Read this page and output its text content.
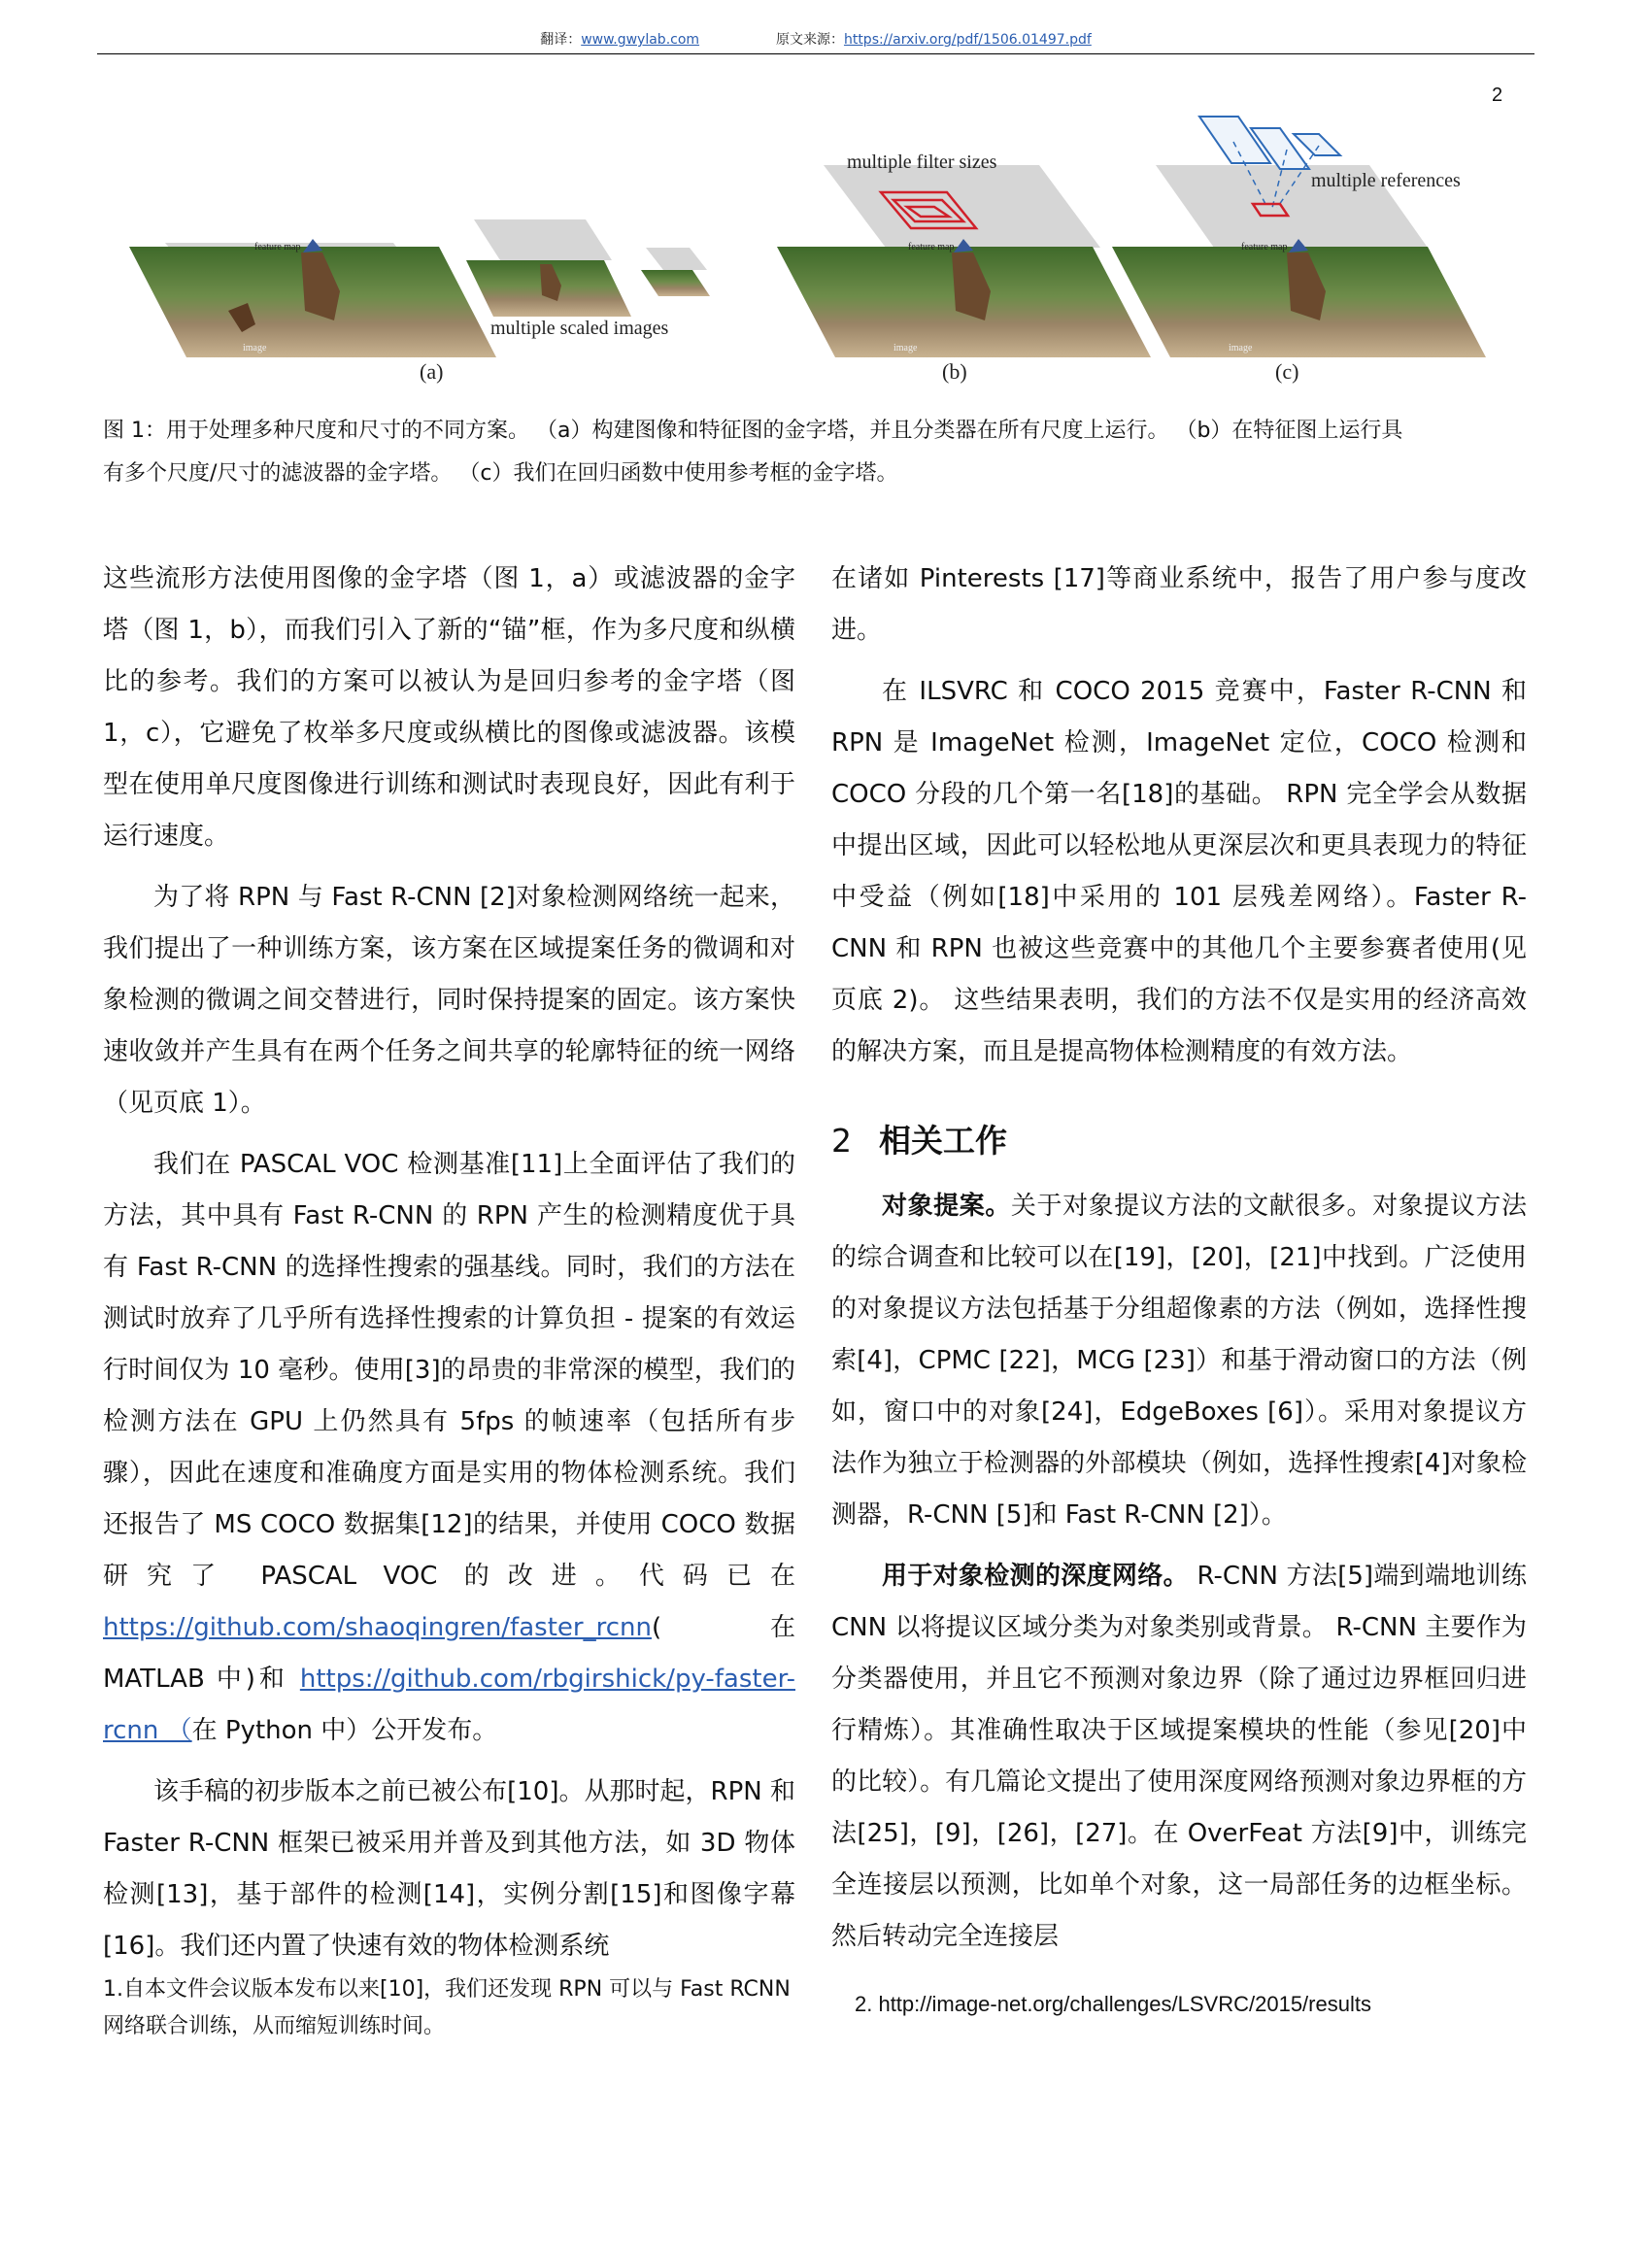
翻译：www.gwylab.com	原文来源：https://arxiv.org/pdf/1506.01497.pdf
2
feature map
image
multiple scaled images
(a)
multiple filter sizes
feature map
image
(b)
multiple references
feature map
image
(c)
图 1：用于处理多种尺度和尺寸的不同方案。 （a）构建图像和特征图的金字塔，并且分类器在所有尺度上运行。 （b）在特征图上运行具
有多个尺度/尺寸的滤波器的金字塔。 （c）我们在回归函数中使用参考框的金字塔。

这些流形方法使用图像的金字塔（图 1，a）或滤波器的金字塔（图 1，b），而我们引入了新的“锚”框，作为多尺度和纵横比的参考。我们的方案可以被认为是回归参考的金字塔（图 1，c），它避免了枚举多尺度或纵横比的图像或滤波器。该模型在使用单尺度图像进行训练和测试时表现良好，因此有利于运行速度。

为了将 RPN 与 Fast R-CNN [2]对象检测网络统一起来，我们提出了一种训练方案，该方案在区域提案任务的微调和对象检测的微调之间交替进行，同时保持提案的固定。该方案快速收敛并产生具有在两个任务之间共享的轮廓特征的统一网络（见页底 1）。

我们在 PASCAL VOC 检测基准[11]上全面评估了我们的方法，其中具有 Fast R-CNN 的 RPN 产生的检测精度优于具有 Fast R-CNN 的选择性搜索的强基线。同时，我们的方法在测试时放弃了几乎所有选择性搜索的计算负担 - 提案的有效运行时间仅为 10 毫秒。使用[3]的昂贵的非常深的模型，我们的检测方法在 GPU 上仍然具有 5fps 的帧速率（包括所有步骤），因此在速度和准确度方面是实用的物体检测系统。我们还报告了 MS COCO 数据集[12]的结果，并使用 COCO 数据研究了 PASCAL VOC 的改进。代码已在https://github.com/shaoqingren/faster_rcnn(在 MATLAB 中)和 https://github.com/rbgirshick/py-faster-rcnn （在 Python 中）公开发布。

该手稿的初步版本之前已被公布[10]。从那时起，RPN 和 Faster R-CNN 框架已被采用并普及到其他方法，如 3D 物体检测[13]，基于部件的检测[14]，实例分割[15]和图像字幕[16]。我们还内置了快速有效的物体检测系统

1.自本文件会议版本发布以来[10]，我们还发现 RPN 可以与 Fast RCNN 网络联合训练，从而缩短训练时间。

在诸如 Pinterests [17]等商业系统中，报告了用户参与度改进。

在 ILSVRC 和 COCO 2015 竞赛中，Faster R-CNN 和 RPN 是 ImageNet 检测，ImageNet 定位，COCO 检测和 COCO 分段的几个第一名[18]的基础。 RPN 完全学会从数据中提出区域，因此可以轻松地从更深层次和更具表现力的特征中受益（例如[18]中采用的 101 层残差网络）。Faster R-CNN 和 RPN 也被这些竞赛中的其他几个主要参赛者使用(见页底 2)。 这些结果表明，我们的方法不仅是实用的经济高效的解决方案，而且是提高物体检测精度的有效方法。

2 相关工作

对象提案。关于对象提议方法的文献很多。对象提议方法的综合调查和比较可以在[19]，[20]，[21]中找到。广泛使用的对象提议方法包括基于分组超像素的方法（例如，选择性搜索[4]，CPMC [22]，MCG [23]）和基于滑动窗口的方法（例如，窗口中的对象[24]，EdgeBoxes [6]）。采用对象提议方法作为独立于检测器的外部模块（例如，选择性搜索[4]对象检测器，R-CNN [5]和 Fast R-CNN [2]）。

用于对象检测的深度网络。 R-CNN 方法[5]端到端地训练 CNN 以将提议区域分类为对象类别或背景。 R-CNN 主要作为分类器使用，并且它不预测对象边界（除了通过边界框回归进行精炼）。其准确性取决于区域提案模块的性能（参见[20]中的比较）。有几篇论文提出了使用深度网络预测对象边界框的方法[25]，[9]，[26]，[27]。在 OverFeat 方法[9]中，训练完全连接层以预测，比如单个对象，这一局部任务的边框坐标。然后转动完全连接层

2. http://image-net.org/challenges/LSVRC/2015/results
